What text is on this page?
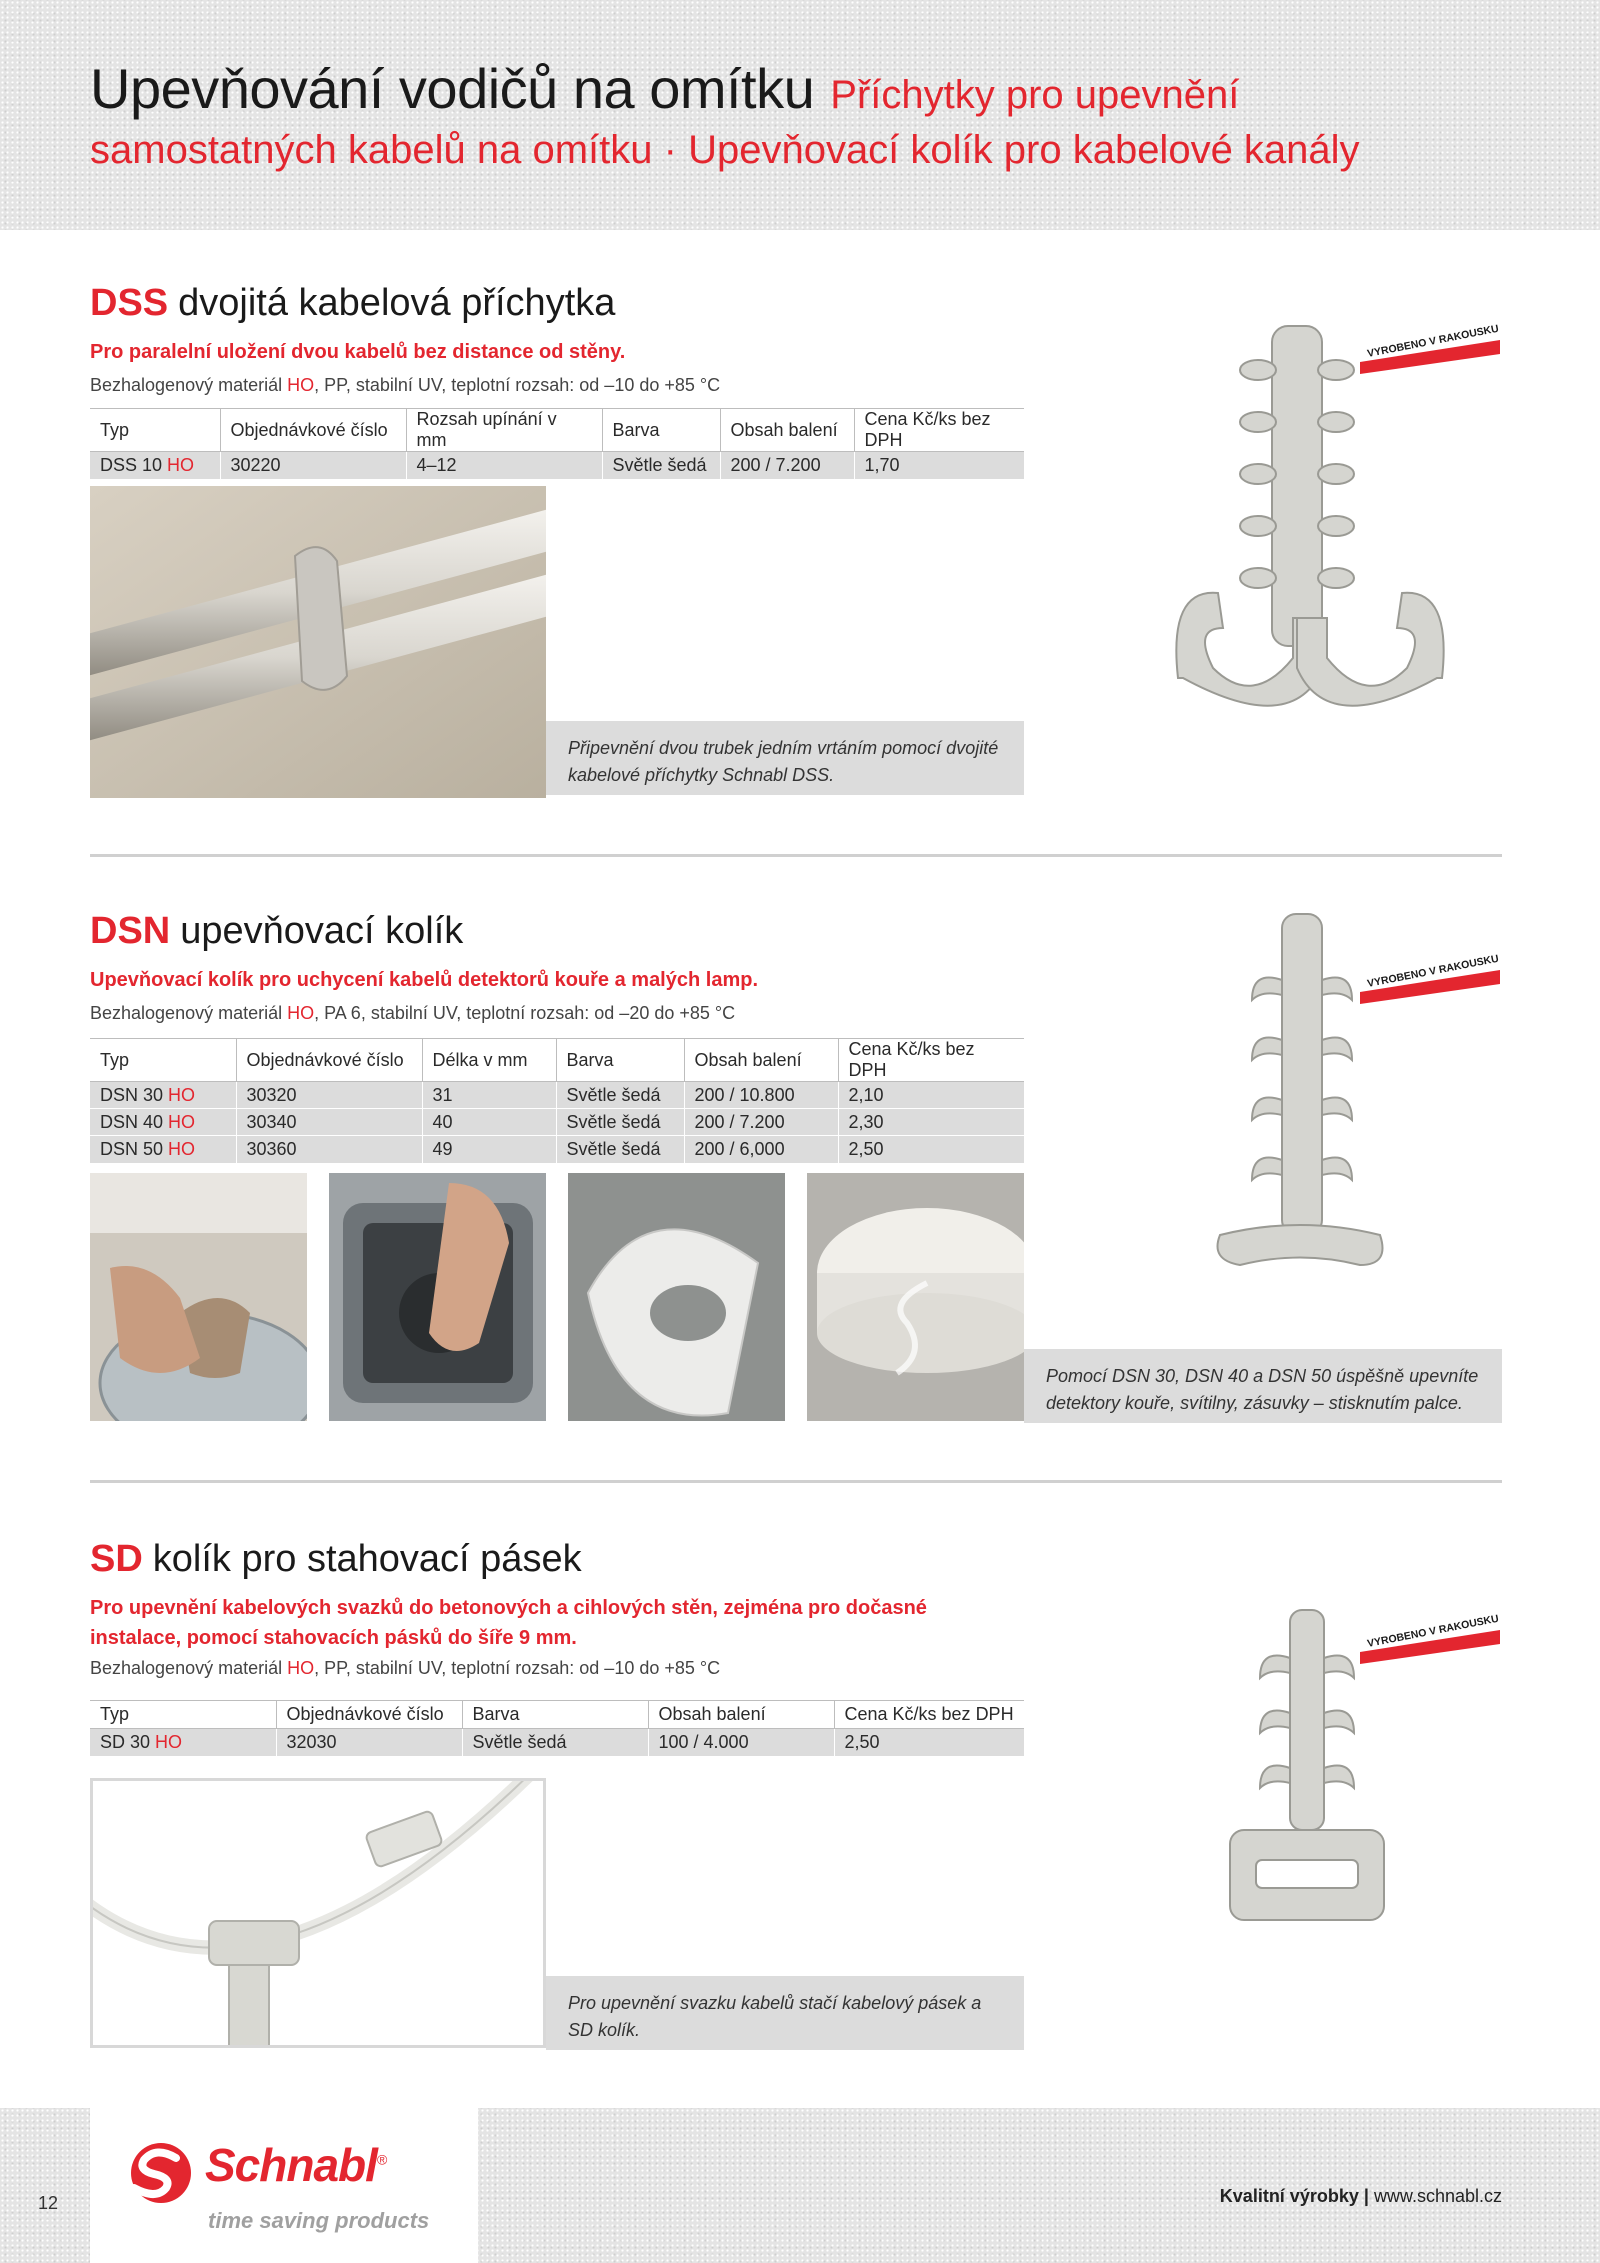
Upevňování vodičů na omítku Příchytky pro upevnění
samostatných kabelů na omítku · Upevňovací kolík pro kabelové kanály
DSS dvojitá kabelová příchytka
Pro paralelní uložení dvou kabelů bez distance od stěny.
Bezhalogenový materiál HO, PP, stabilní UV, teplotní rozsah: od –10 do +85 °C
Typ	Objednávkové číslo	Rozsah upínání v mm	Barva	Obsah balení	Cena Kč/ks bez DPH
DSS 10 HO	30220	4–12	Světle šedá	200 / 7.200	1,70
Připevnění dvou trubek jedním vrtáním pomocí dvojité kabelové příchytky Schnabl DSS.
VYROBENO V RAKOUSKU
DSN upevňovací kolík
Upevňovací kolík pro uchycení kabelů detektorů kouře a malých lamp.
Bezhalogenový materiál HO, PA 6, stabilní UV, teplotní rozsah: od –20 do +85 °C
Typ	Objednávkové číslo	Délka v mm	Barva	Obsah balení	Cena Kč/ks bez DPH
DSN 30 HO	30320	31	Světle šedá	200 / 10.800	2,10
DSN 40 HO	30340	40	Světle šedá	200 / 7.200	2,30
DSN 50 HO	30360	49	Světle šedá	200 / 6,000	2,50
Pomocí DSN 30, DSN 40 a DSN 50 úspěšně upevníte detektory kouře, svítilny, zásuvky – stisknutím palce.
VYROBENO V RAKOUSKU
SD kolík pro stahovací pásek
Pro upevnění kabelových svazků do betonových a cihlových stěn, zejména pro dočasné instalace, pomocí stahovacích pásků do šíře 9 mm.
Bezhalogenový materiál HO, PP, stabilní UV, teplotní rozsah: od –10 do +85 °C
Typ	Objednávkové číslo	Barva	Obsah balení	Cena Kč/ks bez DPH
SD 30 HO	32030	Světle šedá	100 / 4.000	2,50
Pro upevnění svazku kabelů stačí kabelový pásek a SD kolík.
VYROBENO V RAKOUSKU
12
Schnabl®
time saving products
Kvalitní výrobky | www.schnabl.cz
